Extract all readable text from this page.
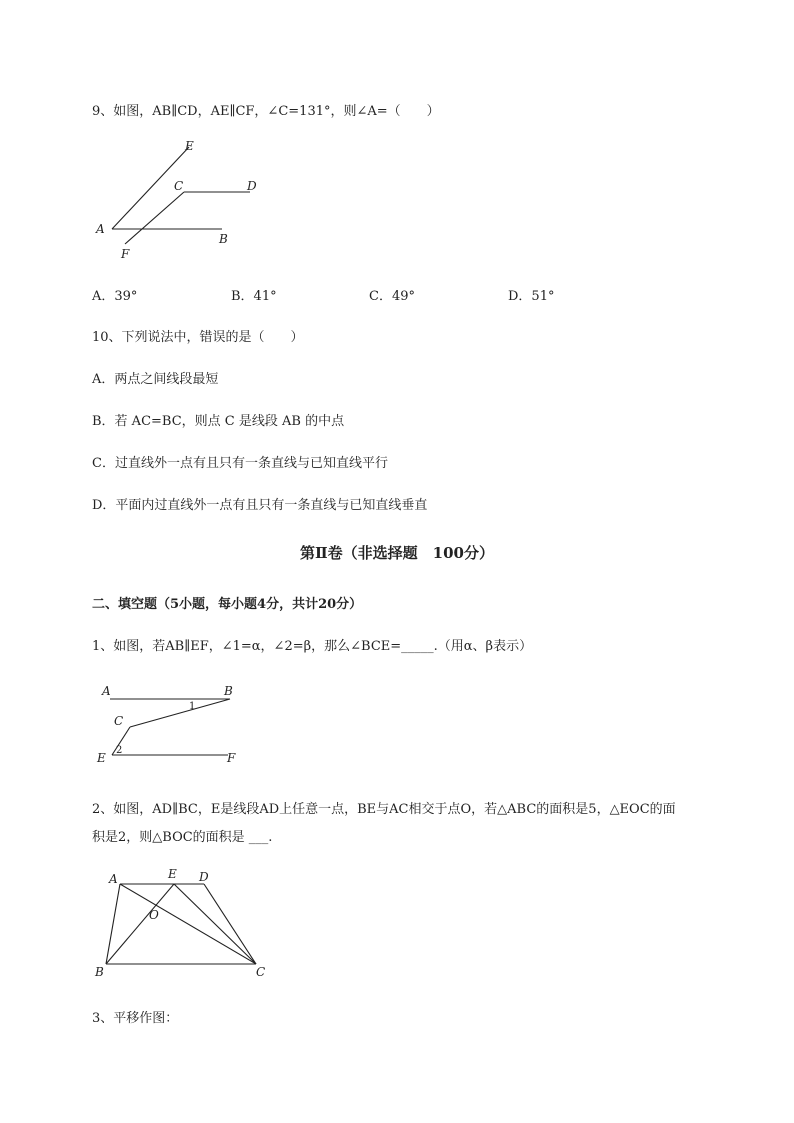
9、如图，AB∥CD，AE∥CF，∠C=131°，则∠A=（　　）
E
C	D
A
B
F
A．39°	B．41°	C．49°	D．51°
10、下列说法中，错误的是（　　）
A．两点之间线段最短
B．若 AC=BC，则点 C 是线段 AB 的中点
C．过直线外一点有且只有一条直线与已知直线平行
D．平面内过直线外一点有且只有一条直线与已知直线垂直
第Ⅱ卷（非选择题　100分）
二、填空题（5小题，每小题4分，共计20分）
1、如图，若AB∥EF，∠1=α，∠2=β，那么∠BCE=_____.（用α、β表示）
A	B
1
C
2
E	F
2、如图，AD∥BC，E是线段AD上任意一点，BE与AC相交于点O，若△ABC的面积是5，△EOC的面
积是2，则△BOC的面积是 ___.
A	E D
O
B	C
3、平移作图：
